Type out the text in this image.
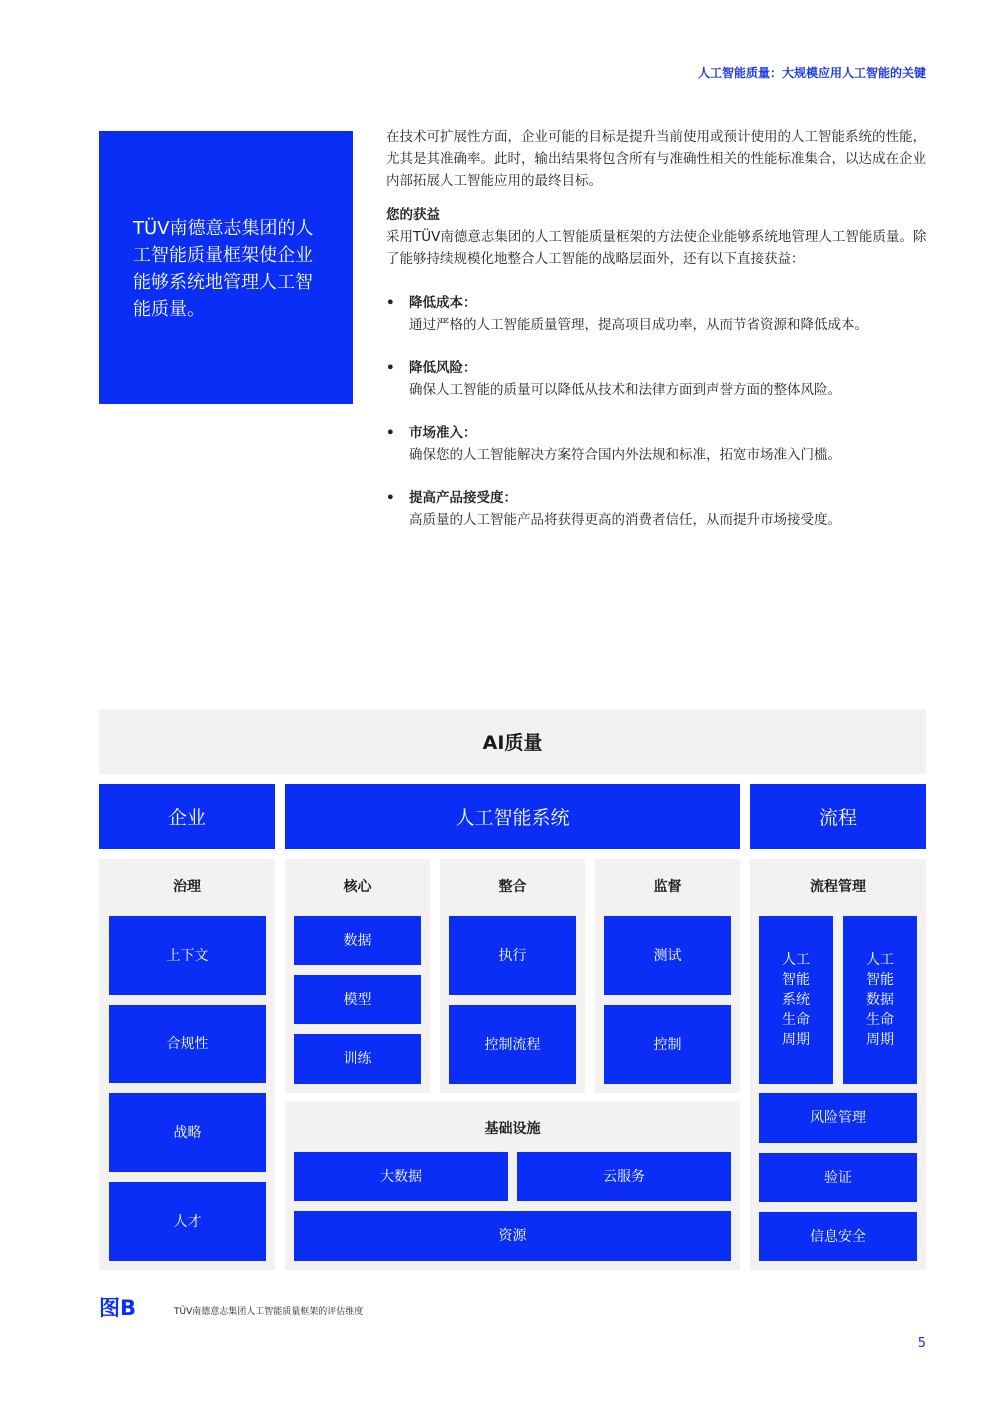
人工智能质量：大规模应用人工智能的关键
TÜV南德意志集团的人工智能质量框架使企业能够系统地管理人工智能质量。

在技术可扩展性方面，企业可能的目标是提升当前使用或预计使用的人工智能系统的性能，尤其是其准确率。此时，输出结果将包含所有与准确性相关的性能标准集合，以达成在企业内部拓展人工智能应用的最终目标。

您的获益

采用TÜV南德意志集团的人工智能质量框架的方法使企业能够系统地管理人工智能质量。除了能够持续规模化地整合人工智能的战略层面外，还有以下直接获益：

• 降低成本：
通过严格的人工智能质量管理，提高项目成功率，从而节省资源和降低成本。
• 降低风险：
确保人工智能的质量可以降低从技术和法律方面到声誉方面的整体风险。
• 市场准入：
确保您的人工智能解决方案符合国内外法规和标准，拓宽市场准入门槛。
• 提高产品接受度：
高质量的人工智能产品将获得更高的消费者信任，从而提升市场接受度。
AI质量
企业	人工智能系统	流程
治理
上下文
合规性
战略
人才
核心
数据
模型
训练
整合
执行
控制流程
监督
测试
控制
基础设施
大数据	云服务
资源
流程管理
人工
智能
系统
生命
周期
人工
智能
数据
生命
周期
风险管理
验证
信息安全
图B	TÜV南德意志集团人工智能质量框架的评估维度
5
